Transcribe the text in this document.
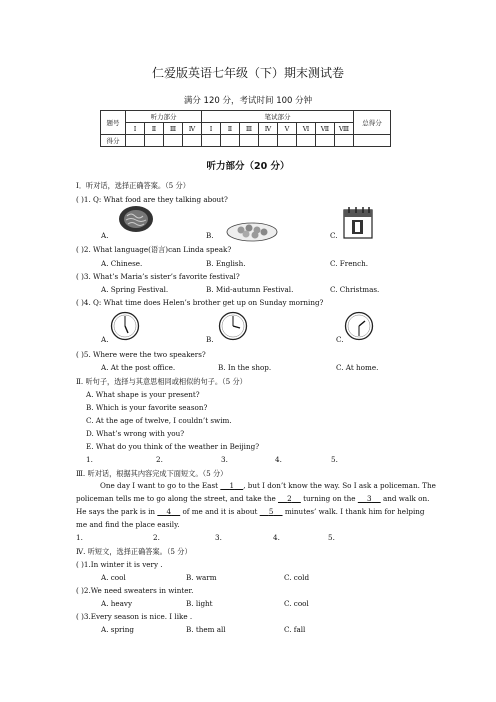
仁爱版英语七年级（下）期末测试卷
满分 120 分，考试时间 100 分钟
题号	听力部分				笔试部分								总得分
	Ⅰ	Ⅱ	Ⅲ	Ⅳ	Ⅰ	Ⅱ	Ⅲ	Ⅳ	Ⅴ	Ⅵ	Ⅶ	Ⅷ	
得分													
听力部分（20 分）
Ⅰ．听对话，选择正确答案。（5 分）
( )1. Q: What food are they talking about?
A.	B.	C.
( )2. What language(语言)can Linda speak?
A. Chinese.	B. English.	C. French.
( )3. What’s Maria’s sister’s favorite festival?
A. Spring Festival.	B. Mid-autumn Festival.	C. Christmas.
( )4. Q: What time does Helen’s brother get up on Sunday morning?
A.	B.	C.
( )5. Where were the two speakers?
A. At the post office.	B. In the shop.	C. At home.
Ⅱ. 听句子，选择与其意思相同或相似的句子。（5 分）
A. What shape is your present?
B. Which is your favorite season?
C. At the age of twelve, I couldn’t swim.
D. What’s wrong with you?
E. What do you think of the weather in Beijing?
1.	2.	3.	4.	5.
Ⅲ. 听对话，根据其内容完成下面短文。（5 分）
One day I want to go to the East     1 , but I don’t know the way. So I ask a policeman. The
policeman tells me to go along the street, and take the     2     turning on the     3     and walk on.
He says the park is in     4     of me and it is about     5     minutes’ walk. I thank him for helping
me and find the place easily.
1.	2.	3.	4.	5.
Ⅳ. 听短文，选择正确答案。（5 分）
( )1.In winter it is very .
A. cool	B. warm	C. cold
( )2.We need sweaters in winter.
A. heavy	B. light	C. cool
( )3.Every season is nice. I like .
A. spring	B. them all	C. fall
